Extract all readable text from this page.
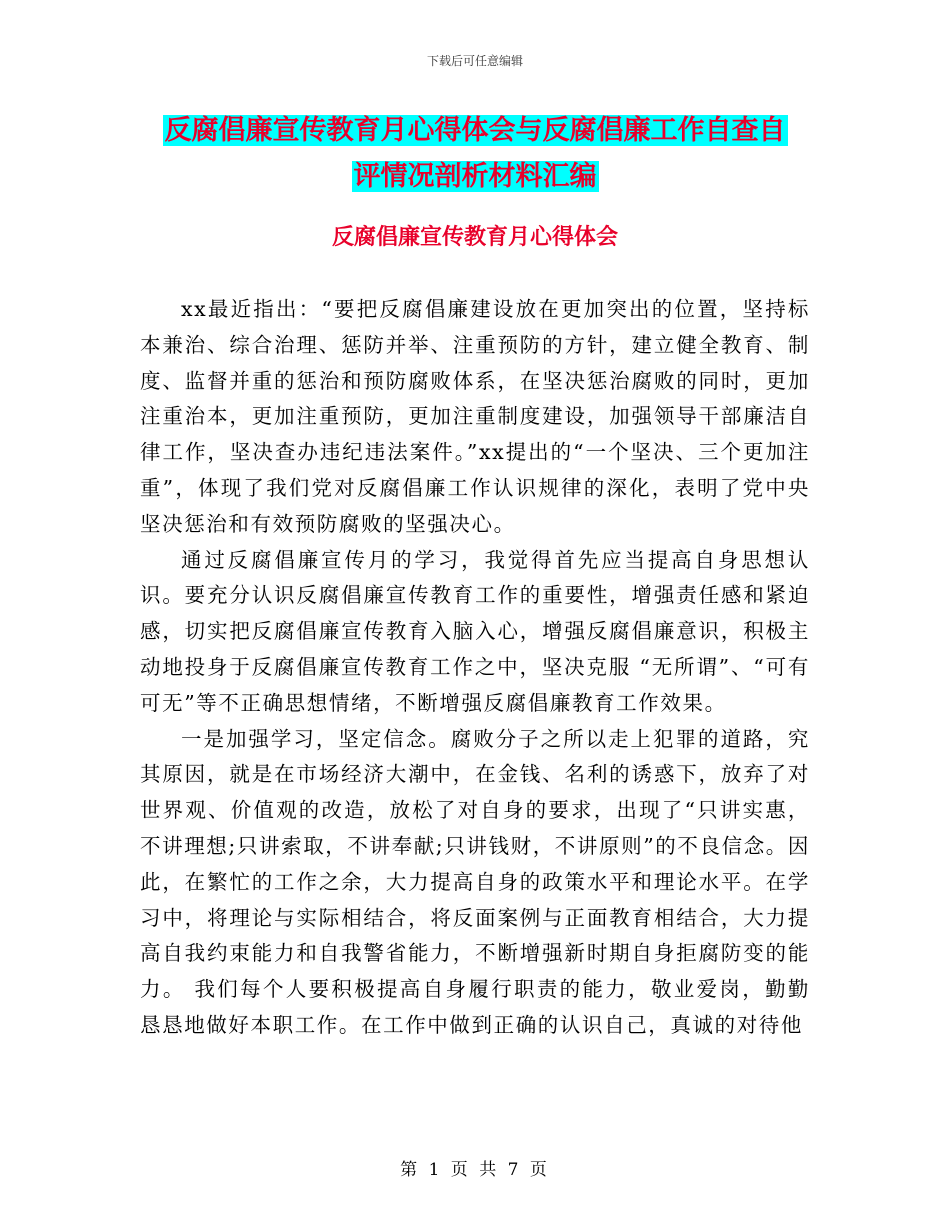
下载后可任意编辑
反腐倡廉宣传教育月心得体会与反腐倡廉工作自查自
评情况剖析材料汇编
反腐倡廉宣传教育月心得体会

xx最近指出：“要把反腐倡廉建设放在更加突出的位置，坚持标本兼治、综合治理、惩防并举、注重预防的方针，建立健全教育、制度、监督并重的惩治和预防腐败体系，在坚决惩治腐败的同时，更加注重治本，更加注重预防，更加注重制度建设，加强领导干部廉洁自律工作，坚决查办违纪违法案件。”xx提出的“一个坚决、三个更加注重”，体现了我们党对反腐倡廉工作认识规律的深化，表明了党中央坚决惩治和有效预防腐败的坚强决心。

通过反腐倡廉宣传月的学习，我觉得首先应当提高自身思想认识。要充分认识反腐倡廉宣传教育工作的重要性，增强责任感和紧迫感，切实把反腐倡廉宣传教育入脑入心，增强反腐倡廉意识，积极主动地投身于反腐倡廉宣传教育工作之中，坚决克服 “无所谓”、“可有可无”等不正确思想情绪，不断增强反腐倡廉教育工作效果。

一是加强学习，坚定信念。腐败分子之所以走上犯罪的道路，究其原因，就是在市场经济大潮中，在金钱、名利的诱惑下，放弃了对世界观、价值观的改造，放松了对自身的要求，出现了“只讲实惠，不讲理想;只讲索取，不讲奉献;只讲钱财，不讲原则”的不良信念。因此，在繁忙的工作之余，大力提高自身的政策水平和理论水平。在学习中，将理论与实际相结合，将反面案例与正面教育相结合，大力提高自我约束能力和自我警省能力，不断增强新时期自身拒腐防变的能力。 我们每个人要积极提高自身履行职责的能力，敬业爱岗，勤勤恳恳地做好本职工作。在工作中做到正确的认识自己，真诚的对待他

第 1 页 共 7 页
